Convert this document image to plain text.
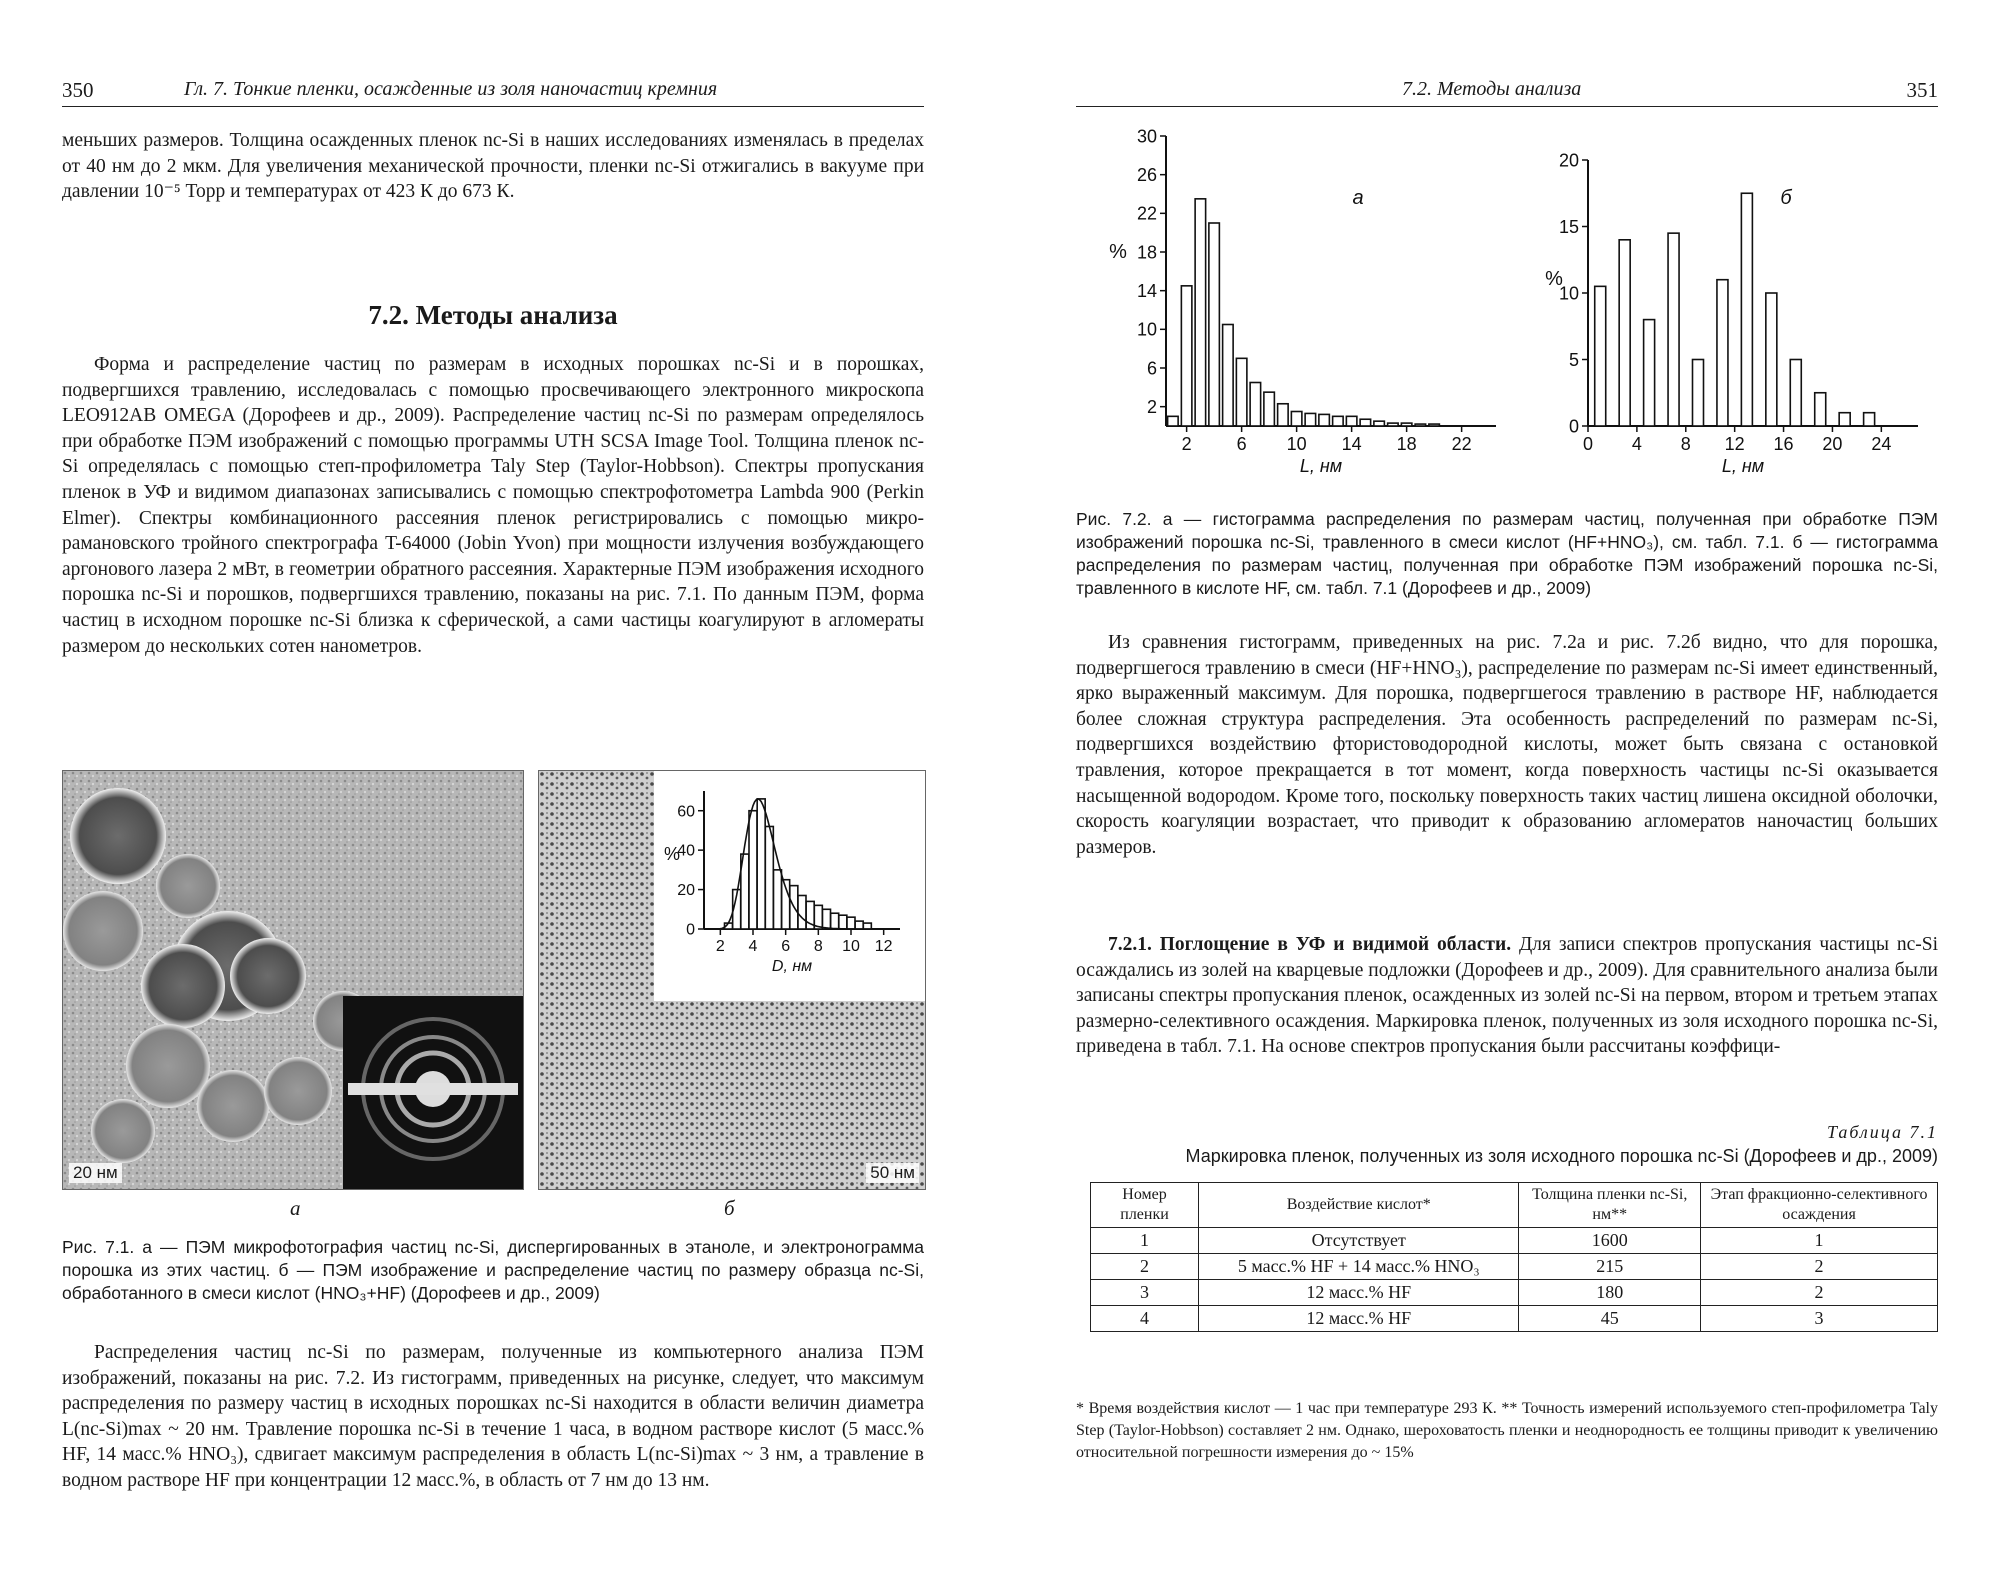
350	Гл. 7. Тонкие пленки, осажденные из золя наночастиц кремния

меньших размеров. Толщина осажденных пленок nc-Si в наших исследованиях изменялась в пределах от 40 нм до 2 мкм. Для увеличения механической прочности, пленки nc-Si отжигались в вакууме при давлении 10⁻⁵ Торр и температурах от 423 К до 673 К.

7.2. Методы анализа

Форма и распределение частиц по размерам в исходных порошках nc-Si и в порошках, подвергшихся травлению, исследовалась с помощью просвечивающего электронного микроскопа LEO912AB OMEGA (Дорофеев и др., 2009). Распределение частиц nc-Si по размерам определялось при обработке ПЭМ изображений с помощью программы UTH SCSA Image Tool. Толщина пленок nc-Si определялась с помощью степ-профилометра Taly Step (Taylor-Hobbson). Спектры пропускания пленок в УФ и видимом диапазонах записывались с помощью спектрофотометра Lambda 900 (Perkin Elmer). Спектры комбинационного рассеяния пленок регистрировались с помощью микро-рамановского тройного спектрографа T-64000 (Jobin Yvon) при мощности излучения возбуждающего аргонового лазера 2 мВт, в геометрии обратного рассеяния. Характерные ПЭМ изображения исходного порошка nc-Si и порошков, подвергшихся травлению, показаны на рис. 7.1. По данным ПЭМ, форма частиц в исходном порошке nc-Si близка к сферической, а сами частицы коагулируют в агломераты размером до нескольких сотен нанометров.

20 нм
0
20
40
60
2 4 6 8 10 12
D, нм
%
50 нм
а	б
Рис. 7.1. а — ПЭМ микрофотография частиц nc-Si, диспергированных в этаноле, и электронограмма порошка из этих частиц. б — ПЭМ изображение и распределение частиц по размеру образца nc-Si, обработанного в смеси кислот (HNO₃+HF) (Дорофеев и др., 2009)

Распределения частиц nc-Si по размерам, полученные из компьютерного анализа ПЭМ изображений, показаны на рис. 7.2. Из гистограмм, приведенных на рисунке, следует, что максимум распределения по размеру частиц в исходных порошках nc-Si находится в области величин диаметра L(nc-Si)max ~ 20 нм. Травление порошка nc-Si в течение 1 часа, в водном растворе кислот (5 масс.% HF, 14 масс.% HNO₃), сдвигает максимум распределения в область L(nc-Si)max ~ 3 нм, а травление в водном растворе HF при концентрации 12 масс.%, в область от 7 нм до 13 нм.

7.2. Методы анализа	351
2
6
10
14
18
22
26
30
2 6 10 14 18 22
L, нм
%
а
0
5
10
15
20
0 4 8 12 16 20 24
L, нм
%
б
Рис. 7.2. а — гистограмма распределения по размерам частиц, полученная при обработке ПЭМ изображений порошка nc-Si, травленного в смеси кислот (HF+HNO₃), см. табл. 7.1. б — гистограмма распределения по размерам частиц, полученная при обработке ПЭМ изображений порошка nc-Si, травленного в кислоте HF, см. табл. 7.1 (Дорофеев и др., 2009)

Из сравнения гистограмм, приведенных на рис. 7.2а и рис. 7.2б видно, что для порошка, подвергшегося травлению в смеси (HF+HNO₃), распределение по размерам nc-Si имеет единственный, ярко выраженный максимум. Для порошка, подвергшегося травлению в растворе HF, наблюдается более сложная структура распределения. Эта особенность распределений по размерам nc-Si, подвергшихся воздействию фтористоводородной кислоты, может быть связана с остановкой травления, которое прекращается в тот момент, когда поверхность частицы nc-Si оказывается насыщенной водородом. Кроме того, поскольку поверхность таких частиц лишена оксидной оболочки, скорость коагуляции возрастает, что приводит к образованию агломератов наночастиц больших размеров.

7.2.1. Поглощение в УФ и видимой области. Для записи спектров пропускания частицы nc-Si осаждались из золей на кварцевые подложки (Дорофеев и др., 2009). Для сравнительного анализа были записаны спектры пропускания пленок, осажденных из золей nc-Si на первом, втором и третьем этапах размерно-селективного осаждения. Маркировка пленок, полученных из золя исходного порошка nc-Si, приведена в табл. 7.1. На основе спектров пропускания были рассчитаны коэффици-

Таблица 7.1
Маркировка пленок, полученных из золя исходного порошка nc-Si (Дорофеев и др., 2009)
Номер пленки	Воздействие кислот*	Толщина пленки nc-Si, нм**	Этап фракционно-селективного осаждения
1	Отсутствует	1600	1
2	5 масс.% HF + 14 масс.% HNO₃	215	2
3	12 масс.% HF	180	2
4	12 масс.% HF	45	3
* Время воздействия кислот — 1 час при температуре 293 К. ** Точность измерений используемого степ-профилометра Taly Step (Taylor-Hobbson) составляет 2 нм. Однако, шероховатость пленки и неоднородность ее толщины приводит к увеличению относительной погрешности измерения до ~ 15%
